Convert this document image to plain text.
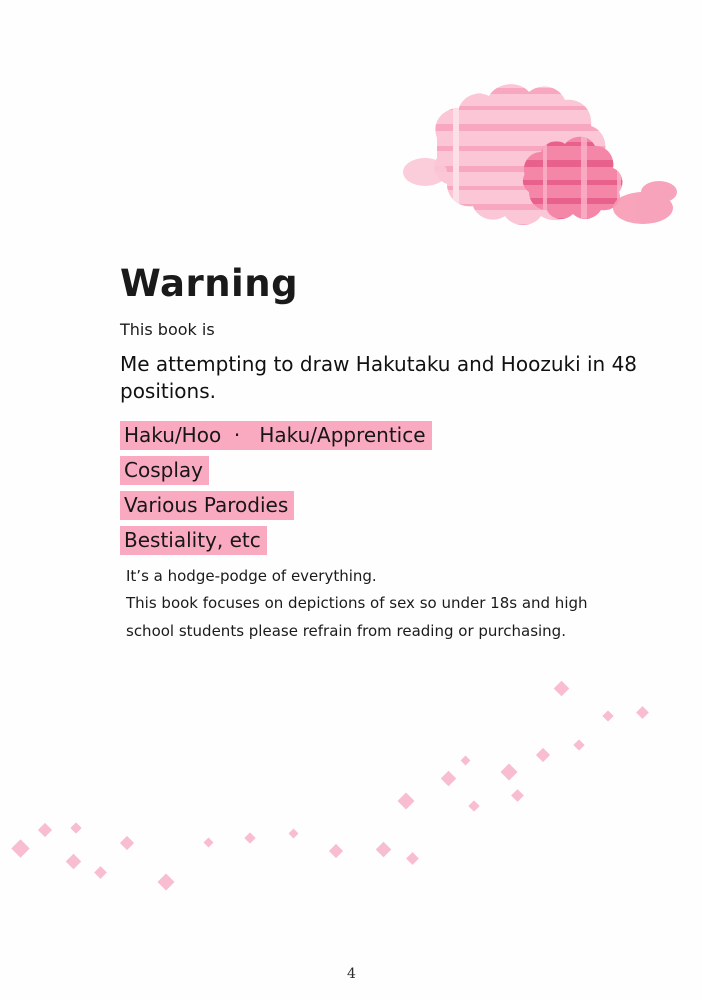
Warning

This book is

Me attempting to draw Hakutaku and Hoozuki in 48 positions.

Haku/Hoo  ·   Haku/Apprentice
Cosplay
Various Parodies
Bestiality, etc

It’s a hodge-podge of everything.

This book focuses on depictions of sex so under 18s and high

school students please refrain from reading or purchasing.

4
